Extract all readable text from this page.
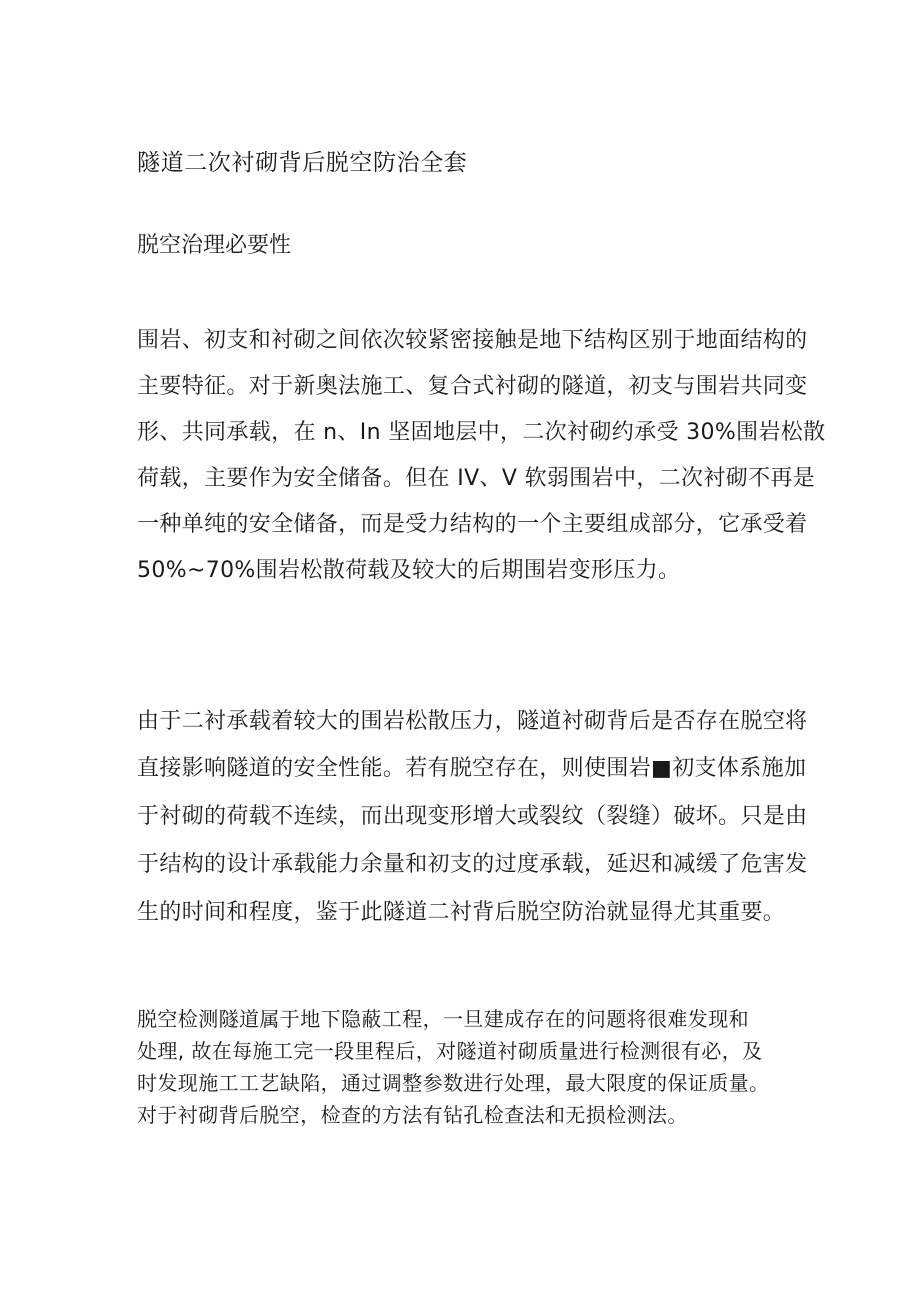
隧道二次衬砌背后脱空防治全套

脱空治理必要性

围岩、初支和衬砌之间依次较紧密接触是地下结构区别于地面结构的

主要特征。对于新奥法施工、复合式衬砌的隧道，初支与围岩共同变

形、共同承载，在 n、In 坚固地层中，二次衬砌约承受 30%围岩松散

荷载，主要作为安全储备。但在 IV、V 软弱围岩中，二次衬砌不再是

一种单纯的安全储备，而是受力结构的一个主要组成部分，它承受着

50%~70%围岩松散荷载及较大的后期围岩变形压力。

由于二衬承载着较大的围岩松散压力，隧道衬砌背后是否存在脱空将

直接影响隧道的安全性能。若有脱空存在，则使围岩■初支体系施加

于衬砌的荷载不连续，而出现变形增大或裂纹（裂缝）破坏。只是由

于结构的设计承载能力余量和初支的过度承载，延迟和减缓了危害发

生的时间和程度，鉴于此隧道二衬背后脱空防治就显得尤其重要。

脱空检测隧道属于地下隐蔽工程，一旦建成存在的问题将很难发现和

处理, 故在每施工完一段里程后，对隧道衬砌质量进行检测很有必，及

时发现施工工艺缺陷，通过调整参数进行处理，最大限度的保证质量。

对于衬砌背后脱空，检查的方法有钻孔检查法和无损检测法。
